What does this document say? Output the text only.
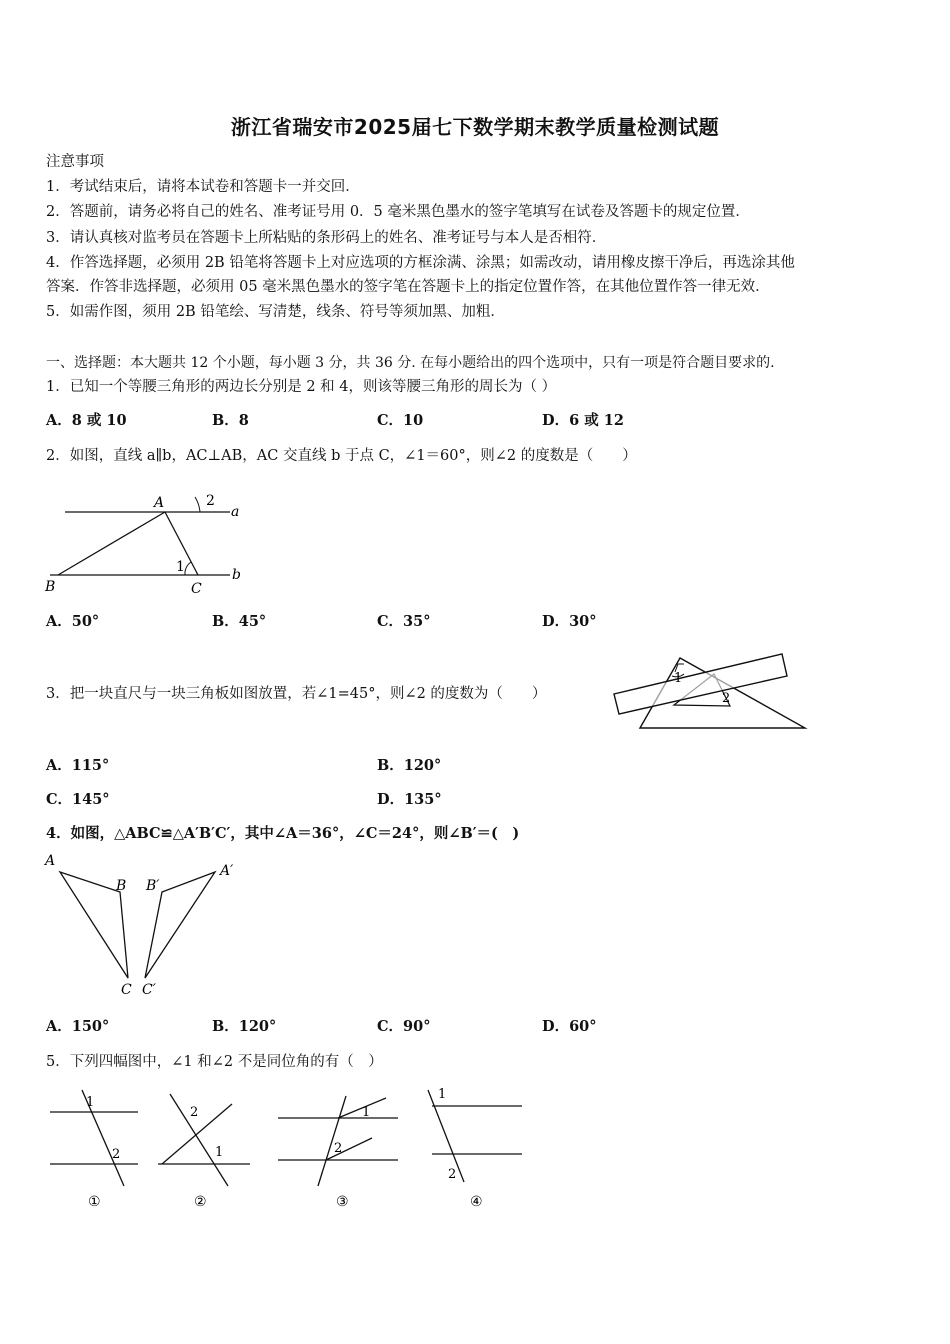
浙江省瑞安市2025届七下数学期末教学质量检测试题
注意事项
1．考试结束后，请将本试卷和答题卡一并交回．
2．答题前，请务必将自己的姓名、准考证号用 0．5 毫米黑色墨水的签字笔填写在试卷及答题卡的规定位置．
3．请认真核对监考员在答题卡上所粘贴的条形码上的姓名、准考证号与本人是否相符．
4．作答选择题，必须用 2B 铅笔将答题卡上对应选项的方框涂满、涂黑；如需改动，请用橡皮擦干净后，再选涂其他
答案．作答非选择题，必须用 05 毫米黑色墨水的签字笔在答题卡上的指定位置作答，在其他位置作答一律无效．
5．如需作图，须用 2B 铅笔绘、写清楚，线条、符号等须加黑、加粗．
一、选择题：本大题共 12 个小题，每小题 3 分，共 36 分. 在每小题给出的四个选项中，只有一项是符合题目要求的.
1．已知一个等腰三角形的两边长分别是 2 和 4，则该等腰三角形的周长为（ ）
A．8 或 10	B．8	C．10	D．6 或 12
2．如图，直线 a∥b，AC⊥AB，AC 交直线 b 于点 C，∠1＝60°，则∠2 的度数是（　　）
A	2
a
1
B	C
b
A．50°	B．45°	C．35°	D．30°
3．把一块直尺与一块三角板如图放置，若∠1=45°，则∠2 的度数为（　　）
1
2
A．115°	B．120°
C．145°	D．135°
4．如图，△ABC≌△A′B′C′，其中∠A＝36°，∠C＝24°，则∠B′＝(　)
A
B
C
B′
A′
C′
A．150°	B．120°	C．90°	D．60°
5．下列四幅图中，∠1 和∠2 不是同位角的有（　）
1
2
①
2
1
②
1
2
③
1
2
④
